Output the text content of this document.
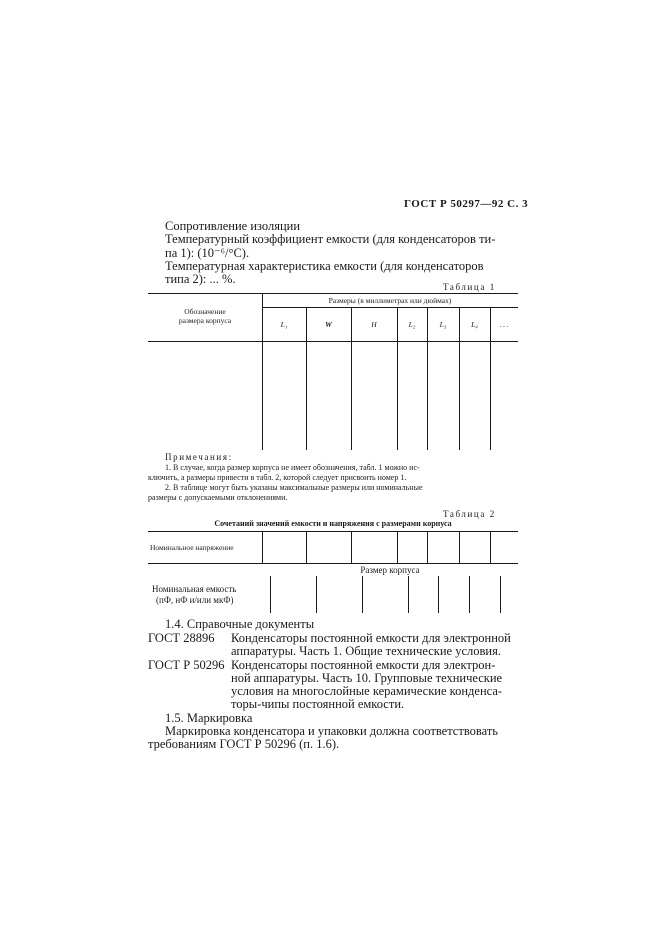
ГОСТ Р 50297—92 С. 3
Сопротивление изоляции
Температурный коэффициент емкости (для конденсаторов ти-
па 1): (10⁻⁶/°С).
Температурная характеристика емкости (для конденсаторов
типа 2): ... %.
Таблица 1
Обозначение
размера корпуса
Размеры (в миллиметрах или дюймах)
L₁	W	H	L₂	L₃	L₄	. . .
Примечания:
1. В случае, когда размер корпуса не имеет обозначения, табл. 1 можно ис-
ключить, а размеры привести в табл. 2, которой следует присвоить номер 1.
2. В таблице могут быть указаны максимальные размеры или номинальные
размеры с допускаемыми отклонениями.
Таблица 2
Сочетаний значений емкости и напряжения с размерами корпуса
Номинальное напряжение
Размер корпуса
Номинальная емкость
(пФ, нФ и/или мкФ)
1.4. Справочные документы
ГОСТ 28896 Конденсаторы постоянной емкости для электронной
аппаратуры. Часть 1. Общие технические условия.
ГОСТ Р 50296 Конденсаторы постоянной емкости для электрон-
ной аппаратуры. Часть 10. Групповые технические
условия на многослойные керамические конденса-
торы-чипы постоянной емкости.
1.5. Маркировка
Маркировка конденсатора и упаковки должна соответствовать
требованиям ГОСТ Р 50296 (п. 1.6).
